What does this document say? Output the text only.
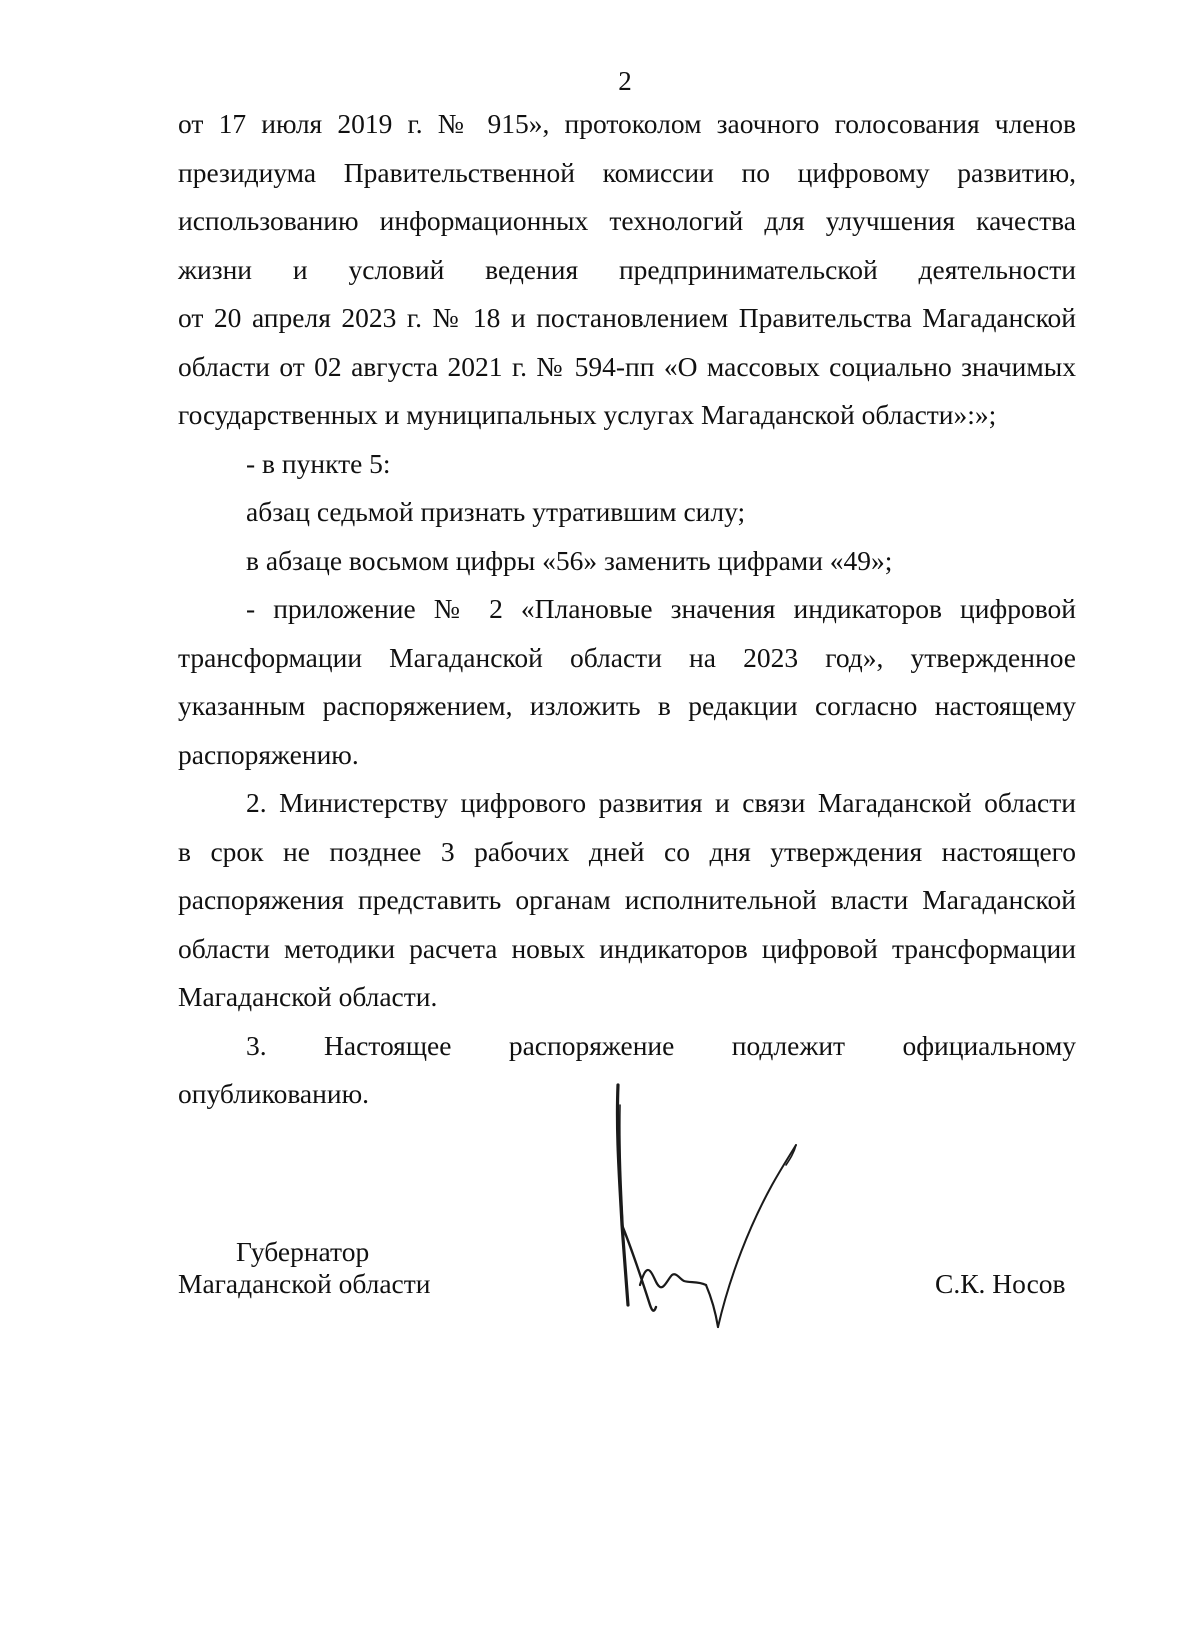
2
от 17 июля 2019 г. № 915», протоколом заочного голосования членов
президиума Правительственной комиссии по цифровому развитию,
использованию информационных технологий для улучшения качества
жизни и условий ведения предпринимательской деятельности
от 20 апреля 2023 г. № 18 и постановлением Правительства Магаданской
области от 02 августа 2021 г. № 594-пп «О массовых социально значимых
государственных и муниципальных услугах Магаданской области»:»;
- в пункте 5:
абзац седьмой признать утратившим силу;
в абзаце восьмом цифры «56» заменить цифрами «49»;
- приложение № 2 «Плановые значения индикаторов цифровой
трансформации Магаданской области на 2023 год», утвержденное
указанным распоряжением, изложить в редакции согласно настоящему
распоряжению.
2. Министерству цифрового развития и связи Магаданской области
в срок не позднее 3 рабочих дней со дня утверждения настоящего
распоряжения представить органам исполнительной власти Магаданской
области методики расчета новых индикаторов цифровой трансформации
Магаданской области.
3. Настоящее распоряжение подлежит официальному
опубликованию.
Губернатор
Магаданской области	С.К. Носов
